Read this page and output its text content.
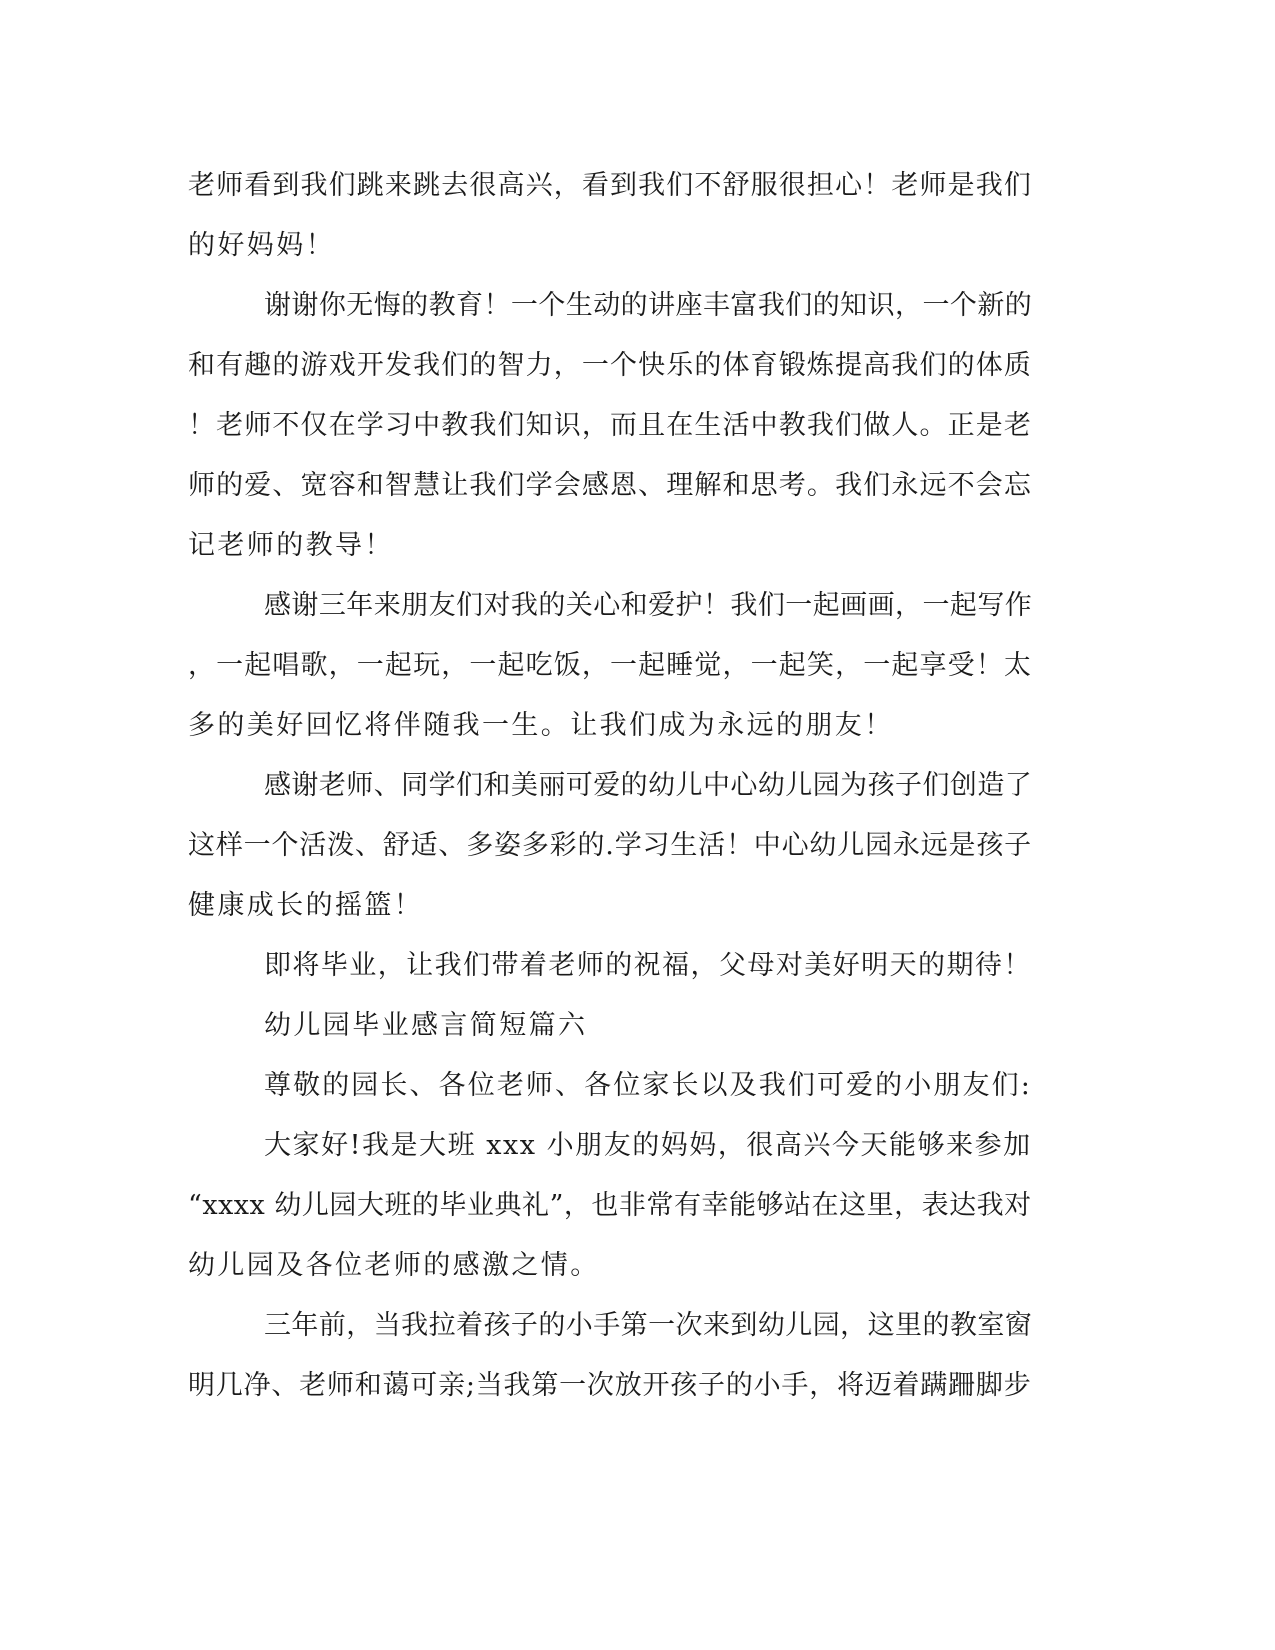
老师看到我们跳来跳去很高兴，看到我们不舒服很担心！老师是我们

的好妈妈！

谢谢你无悔的教育！一个生动的讲座丰富我们的知识，一个新的

和有趣的游戏开发我们的智力，一个快乐的体育锻炼提高我们的体质

！老师不仅在学习中教我们知识，而且在生活中教我们做人。正是老

师的爱、宽容和智慧让我们学会感恩、理解和思考。我们永远不会忘

记老师的教导！

感谢三年来朋友们对我的关心和爱护！我们一起画画，一起写作

，一起唱歌，一起玩，一起吃饭，一起睡觉，一起笑，一起享受！太

多的美好回忆将伴随我一生。让我们成为永远的朋友！

感谢老师、同学们和美丽可爱的幼儿中心幼儿园为孩子们创造了

这样一个活泼、舒适、多姿多彩的.学习生活！中心幼儿园永远是孩子

健康成长的摇篮！

即将毕业，让我们带着老师的祝福，父母对美好明天的期待！

幼儿园毕业感言简短篇六

尊敬的园长、各位老师、各位家长以及我们可爱的小朋友们:

大家好!我是大班 xxx 小朋友的妈妈，很高兴今天能够来参加

“xxxx 幼儿园大班的毕业典礼”，也非常有幸能够站在这里，表达我对

幼儿园及各位老师的感激之情。

三年前，当我拉着孩子的小手第一次来到幼儿园，这里的教室窗

明几净、老师和蔼可亲;当我第一次放开孩子的小手，将迈着蹒跚脚步
